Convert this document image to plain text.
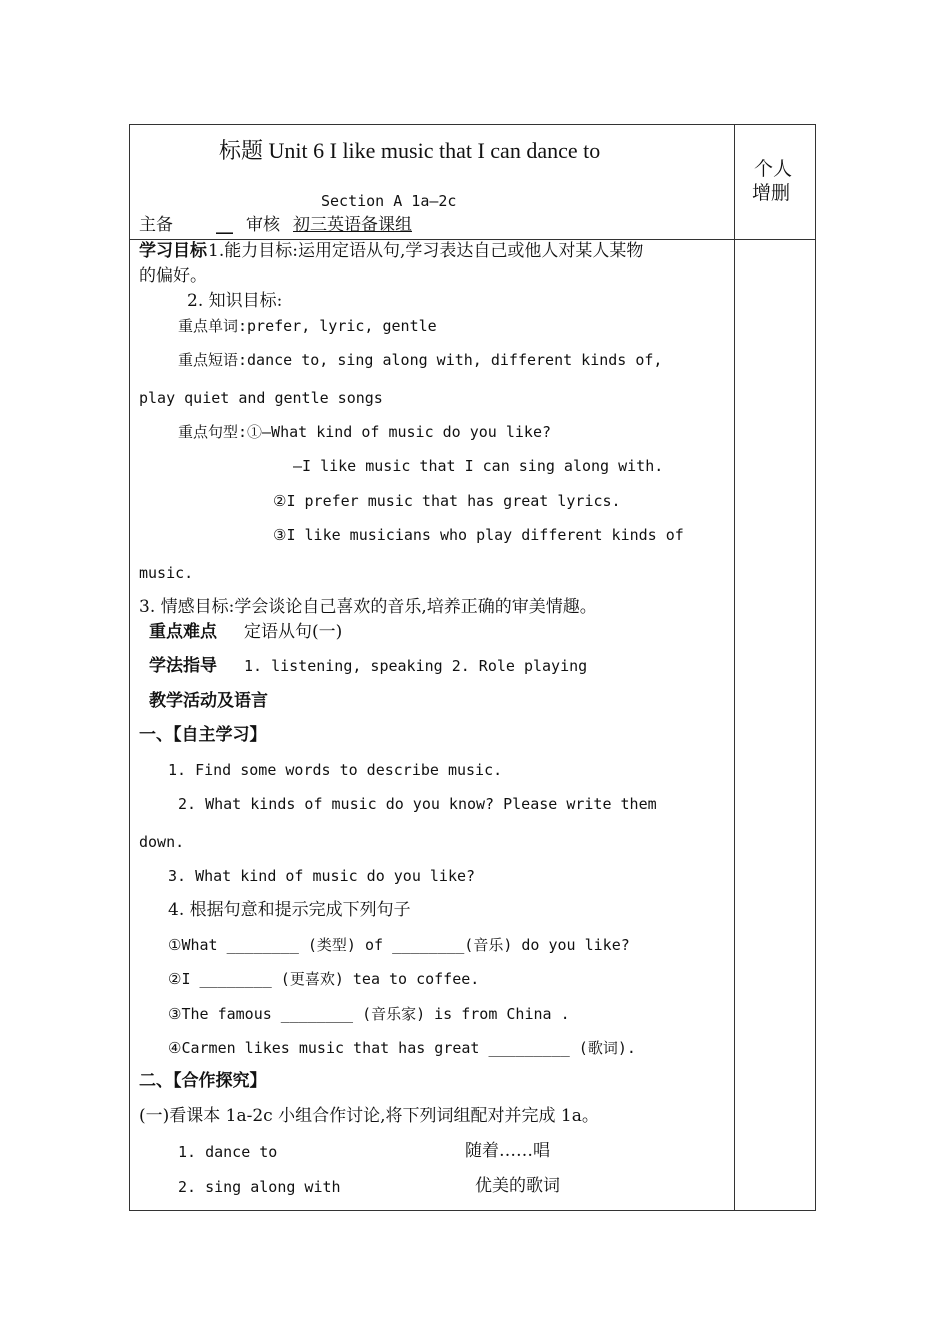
标题 Unit 6 I like music that I can dance to
Section A 1a—2c
主备	__ 审核 初三英语备课组
个人
增删
学习目标 1.能力目标:运用定语从句,学习表达自己或他人对某人某物
的偏好。
2. 知识目标:
重点单词:prefer, lyric, gentle
重点短语:dance to, sing along with, different kinds of,
play quiet and gentle songs
重点句型:①—What kind of music do you like?
—I like music that I can sing along with.
②I prefer music that has great lyrics.
③I like musicians who play different kinds of
music.
3. 情感目标:学会谈论自己喜欢的音乐,培养正确的审美情趣。
重点难点 定语从句(一)
学法指导 1. listening, speaking 2. Role playing
教学活动及语言
一、【自主学习】
1. Find some words to describe music.
2. What kinds of music do you know? Please write them
down.
3. What kind of music do you like?
4. 根据句意和提示完成下列句子
①What ________ (类型) of ________(音乐) do you like?
②I ________ (更喜欢) tea to coffee.
③The famous ________ (音乐家) is from China .
④Carmen likes music that has great _________ (歌词).
二、【合作探究】
(一)看课本 1a-2c 小组合作讨论,将下列词组配对并完成 1a。
1. dance to	随着……唱
2. sing along with	优美的歌词
